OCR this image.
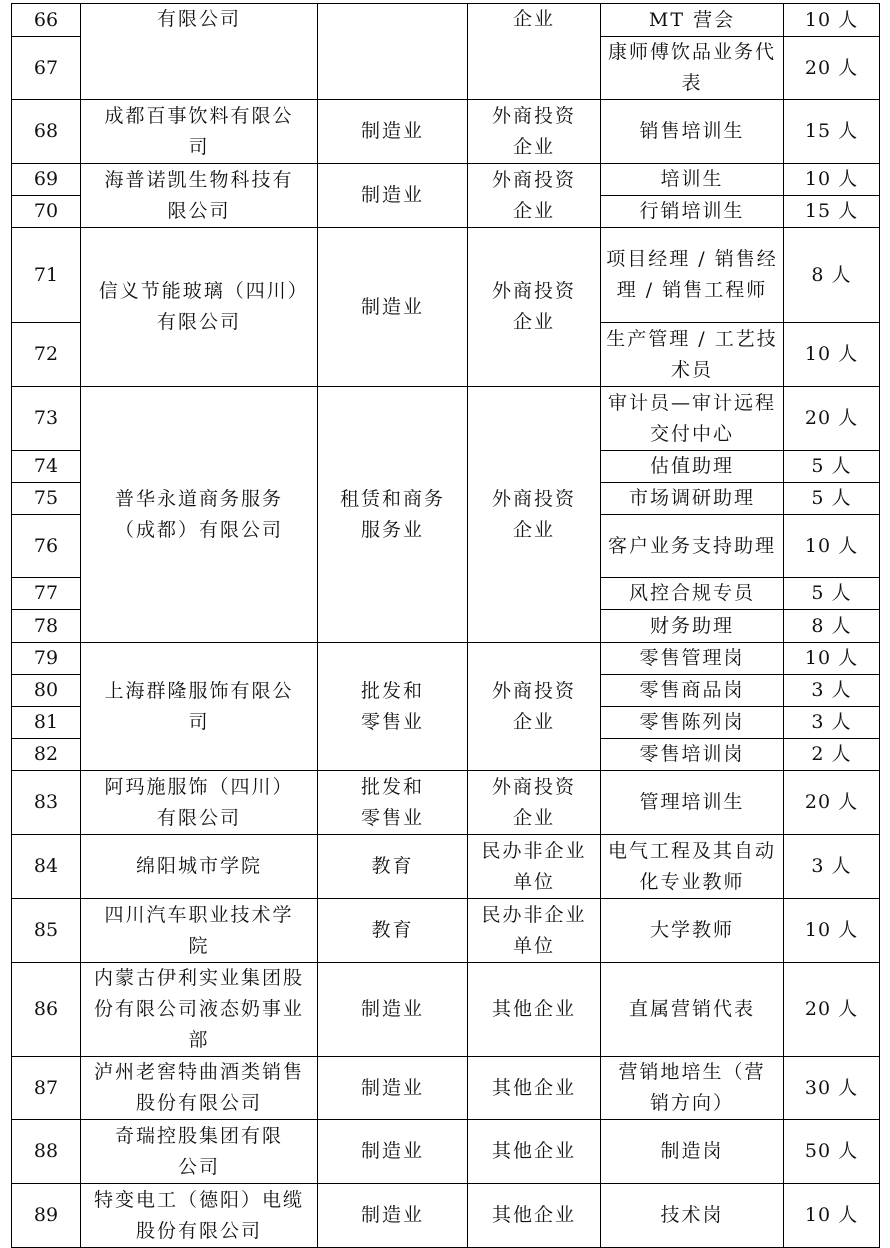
66	有限公司		企业	MT 营会	10 人
67				康师傅饮品业务代表	20 人
68	成都百事饮料有限公司	制造业	外商投资企业	销售培训生	15 人
69	海普诺凯生物科技有限公司	制造业	外商投资企业	培训生	10 人
70				行销培训生	15 人
71	信义节能玻璃（四川）有限公司	制造业	外商投资企业	项目经理 / 销售经理 / 销售工程师	8 人
72				生产管理 / 工艺技术员	10 人
73	普华永道商务服务（成都）有限公司	租赁和商务服务业	外商投资企业	审计员—审计远程交付中心	20 人
74				估值助理	5 人
75				市场调研助理	5 人
76				客户业务支持助理	10 人
77				风控合规专员	5 人
78				财务助理	8 人
79	上海群隆服饰有限公司	批发和零售业	外商投资企业	零售管理岗	10 人
80				零售商品岗	3 人
81				零售陈列岗	3 人
82				零售培训岗	2 人
83	阿玛施服饰（四川）有限公司	批发和零售业	外商投资企业	管理培训生	20 人
84	绵阳城市学院	教育	民办非企业单位	电气工程及其自动化专业教师	3 人
85	四川汽车职业技术学院	教育	民办非企业单位	大学教师	10 人
86	内蒙古伊利实业集团股份有限公司液态奶事业部	制造业	其他企业	直属营销代表	20 人
87	泸州老窖特曲酒类销售股份有限公司	制造业	其他企业	营销地培生（营销方向）	30 人
88	奇瑞控股集团有限公司	制造业	其他企业	制造岗	50 人
89	特变电工（德阳）电缆股份有限公司	制造业	其他企业	技术岗	10 人
